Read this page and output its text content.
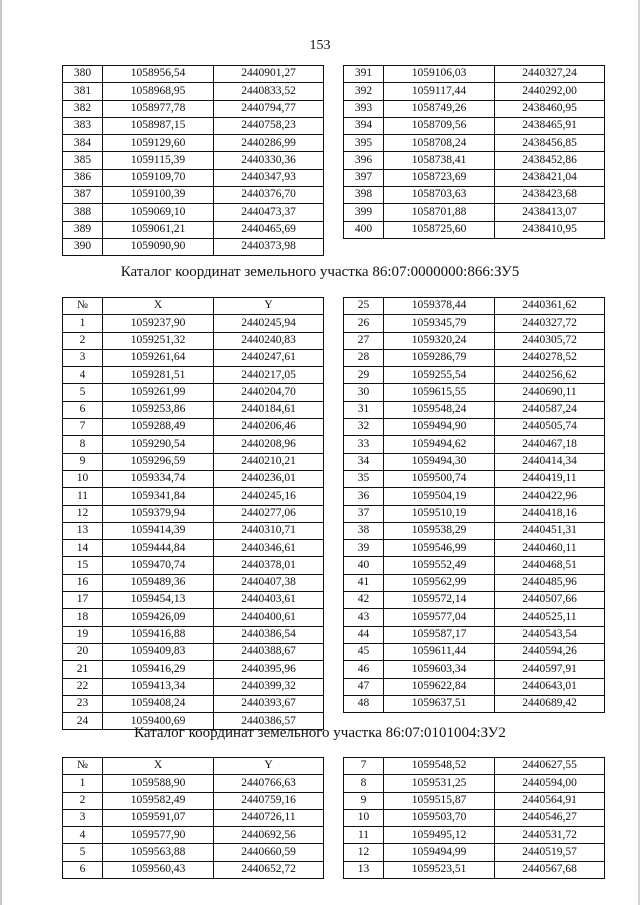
153
380	1058956,54	2440901,27
381	1058968,95	2440833,52
382	1058977,78	2440794,77
383	1058987,15	2440758,23
384	1059129,60	2440286,99
385	1059115,39	2440330,36
386	1059109,70	2440347,93
387	1059100,39	2440376,70
388	1059069,10	2440473,37
389	1059061,21	2440465,69
390	1059090,90	2440373,98
391	1059106,03	2440327,24
392	1059117,44	2440292,00
393	1058749,26	2438460,95
394	1058709,56	2438465,91
395	1058708,24	2438456,85
396	1058738,41	2438452,86
397	1058723,69	2438421,04
398	1058703,63	2438423,68
399	1058701,88	2438413,07
400	1058725,60	2438410,95
Каталог координат земельного участка 86:07:0000000:866:ЗУ5
№	X	Y
1	1059237,90	2440245,94
2	1059251,32	2440240,83
3	1059261,64	2440247,61
4	1059281,51	2440217,05
5	1059261,99	2440204,70
6	1059253,86	2440184,61
7	1059288,49	2440206,46
8	1059290,54	2440208,96
9	1059296,59	2440210,21
10	1059334,74	2440236,01
11	1059341,84	2440245,16
12	1059379,94	2440277,06
13	1059414,39	2440310,71
14	1059444,84	2440346,61
15	1059470,74	2440378,01
16	1059489,36	2440407,38
17	1059454,13	2440403,61
18	1059426,09	2440400,61
19	1059416,88	2440386,54
20	1059409,83	2440388,67
21	1059416,29	2440395,96
22	1059413,34	2440399,32
23	1059408,24	2440393,67
24	1059400,69	2440386,57
25	1059378,44	2440361,62
26	1059345,79	2440327,72
27	1059320,24	2440305,72
28	1059286,79	2440278,52
29	1059255,54	2440256,62
30	1059615,55	2440690,11
31	1059548,24	2440587,24
32	1059494,90	2440505,74
33	1059494,62	2440467,18
34	1059494,30	2440414,34
35	1059500,74	2440419,11
36	1059504,19	2440422,96
37	1059510,19	2440418,16
38	1059538,29	2440451,31
39	1059546,99	2440460,11
40	1059552,49	2440468,51
41	1059562,99	2440485,96
42	1059572,14	2440507,66
43	1059577,04	2440525,11
44	1059587,17	2440543,54
45	1059611,44	2440594,26
46	1059603,34	2440597,91
47	1059622,84	2440643,01
48	1059637,51	2440689,42
Каталог координат земельного участка 86:07:0101004:ЗУ2
№	X	Y
1	1059588,90	2440766,63
2	1059582,49	2440759,16
3	1059591,07	2440726,11
4	1059577,90	2440692,56
5	1059563,88	2440660,59
6	1059560,43	2440652,72
7	1059548,52	2440627,55
8	1059531,25	2440594,00
9	1059515,87	2440564,91
10	1059503,70	2440546,27
11	1059495,12	2440531,72
12	1059494,99	2440519,57
13	1059523,51	2440567,68
